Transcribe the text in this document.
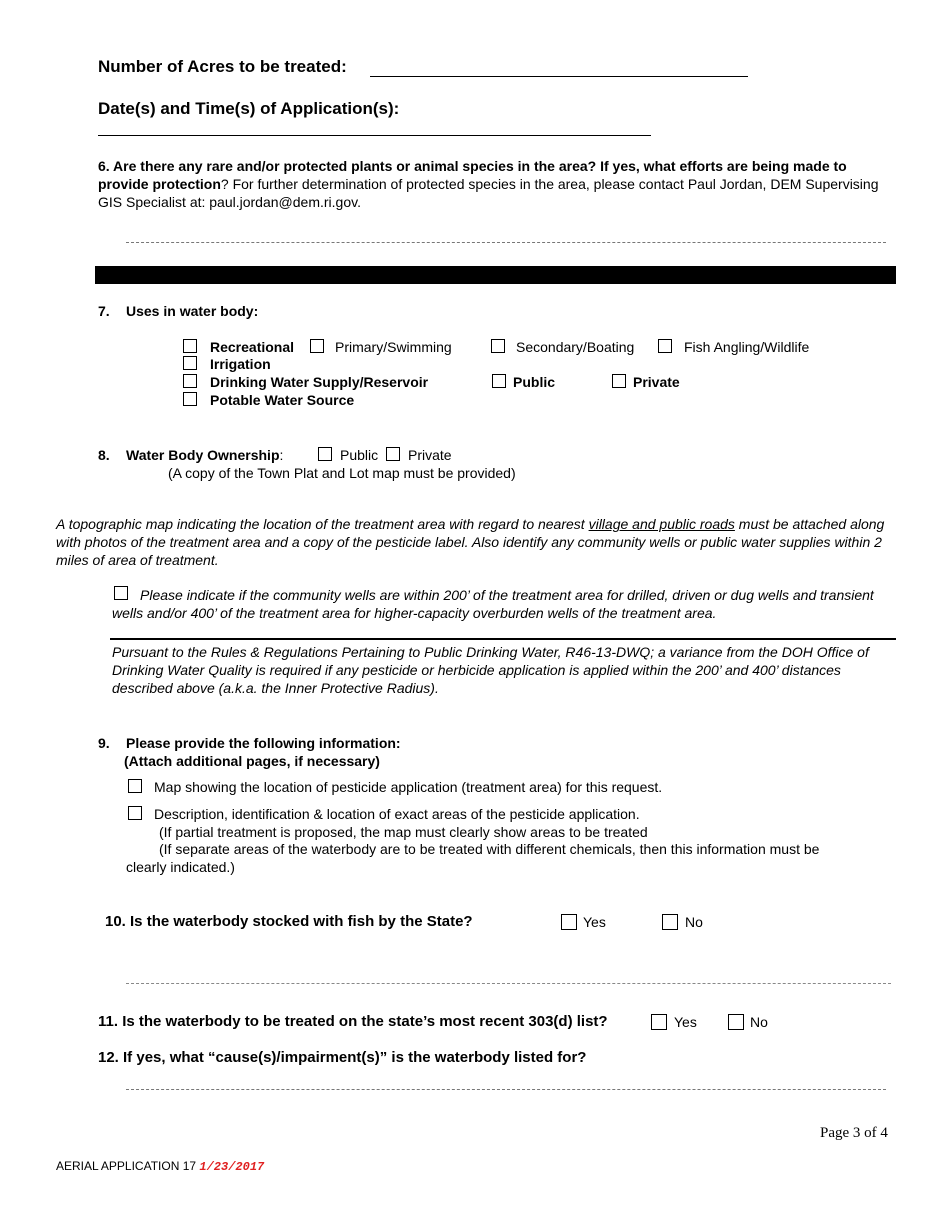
Number of Acres to be treated:
Date(s) and Time(s) of Application(s):
6. Are there any rare and/or protected plants or animal species in the area? If yes, what efforts are being made to provide protection? For further determination of protected species in the area, please contact Paul Jordan, DEM Supervising GIS Specialist at: paul.jordan@dem.ri.gov.
7. Uses in water body:
Recreational	Primary/Swimming	Secondary/Boating	Fish Angling/Wildlife
Irrigation
Drinking Water Supply/Reservoir	Public	Private
Potable Water Source
8. Water Body Ownership:	Public Private
(A copy of the Town Plat and Lot map must be provided)
A topographic map indicating the location of the treatment area with regard to nearest village and public roads must be attached along with photos of the treatment area and a copy of the pesticide label. Also identify any community wells or public water supplies within 2 miles of area of treatment.
Please indicate if the community wells are within 200’ of the treatment area for drilled, driven or dug wells and transient wells and/or 400’ of the treatment area for higher-capacity overburden wells of the treatment area.
Pursuant to the Rules & Regulations Pertaining to Public Drinking Water, R46-13-DWQ; a variance from the DOH Office of Drinking Water Quality is required if any pesticide or herbicide application is applied within the 200’ and 400’ distances described above (a.k.a. the Inner Protective Radius).
9. Please provide the following information:
(Attach additional pages, if necessary)
Map showing the location of pesticide application (treatment area) for this request.
Description, identification & location of exact areas of the pesticide application.
(If partial treatment is proposed, the map must clearly show areas to be treated
(If separate areas of the waterbody are to be treated with different chemicals, then this information must be
clearly indicated.)
10. Is the waterbody stocked with fish by the State?	Yes	No
11. Is the waterbody to be treated on the state’s most recent 303(d) list?	Yes	No
12. If yes, what “cause(s)/impairment(s)” is the waterbody listed for?
Page 3 of 4
AERIAL APPLICATION 17 1/23/2017
